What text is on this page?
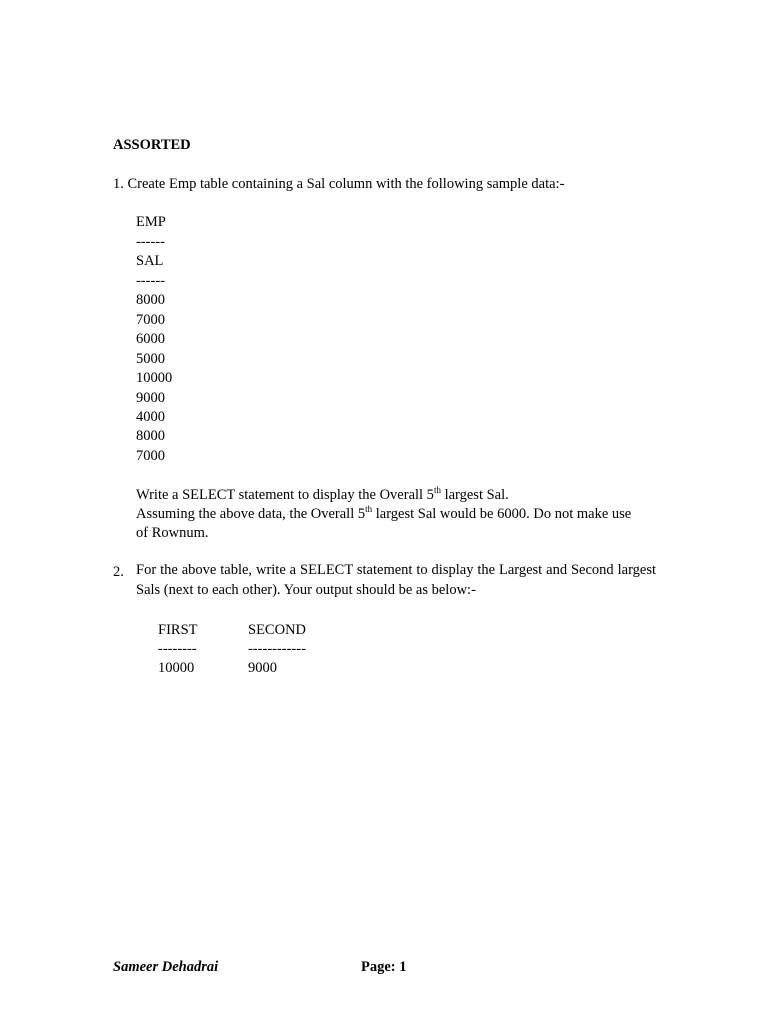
ASSORTED
1. Create Emp table containing a Sal column with the following sample data:-
EMP
------
SAL
------
8000
7000
6000
5000
10000
9000
4000
8000
7000
Write a SELECT statement to display the Overall 5th largest Sal.
Assuming the above data, the Overall 5th largest Sal would be 6000. Do not make use
of Rownum.
2. For the above table, write a SELECT statement to display the Largest and Second largest Sals (next to each other). Your output should be as below:-
FIRST	SECOND
--------	------------
10000	9000
Sameer Dehadrai	Page: 1
